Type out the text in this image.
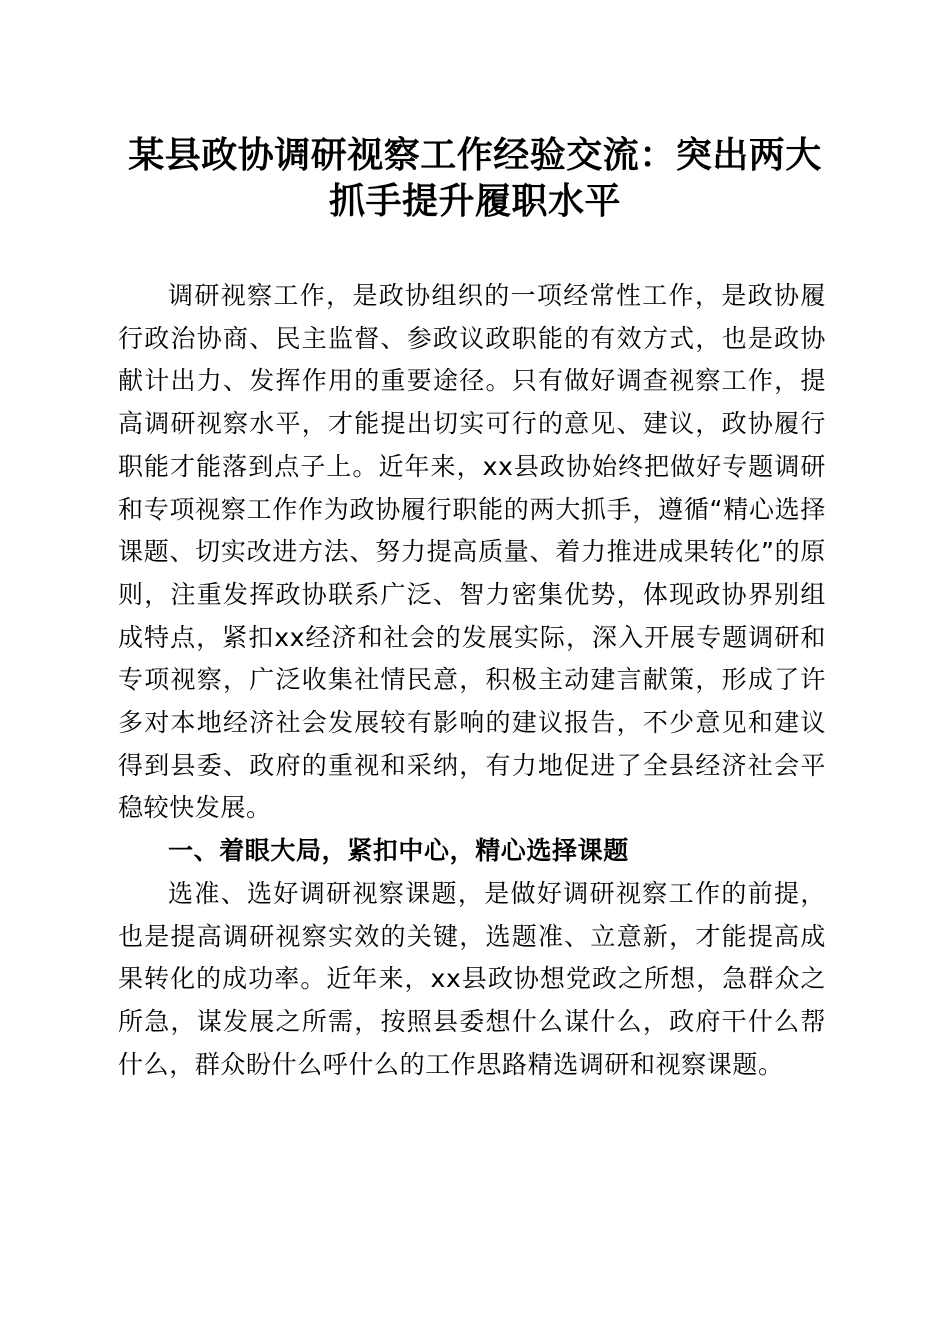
某县政协调研视察工作经验交流：突出两大抓手提升履职水平

调研视察工作，是政协组织的一项经常性工作，是政协履行政治协商、民主监督、参政议政职能的有效方式，也是政协献计出力、发挥作用的重要途径。只有做好调查视察工作，提高调研视察水平，才能提出切实可行的意见、建议，政协履行职能才能落到点子上。近年来，xx县政协始终把做好专题调研和专项视察工作作为政协履行职能的两大抓手，遵循“精心选择课题、切实改进方法、努力提高质量、着力推进成果转化”的原则，注重发挥政协联系广泛、智力密集优势，体现政协界别组成特点，紧扣xx经济和社会的发展实际，深入开展专题调研和专项视察，广泛收集社情民意，积极主动建言献策，形成了许多对本地经济社会发展较有影响的建议报告，不少意见和建议得到县委、政府的重视和采纳，有力地促进了全县经济社会平稳较快发展。

一、着眼大局，紧扣中心，精心选择课题

选准、选好调研视察课题，是做好调研视察工作的前提，也是提高调研视察实效的关键，选题准、立意新，才能提高成果转化的成功率。近年来，xx县政协想党政之所想，急群众之所急，谋发展之所需，按照县委想什么谋什么，政府干什么帮什么，群众盼什么呼什么的工作思路精选调研和视察课题。
